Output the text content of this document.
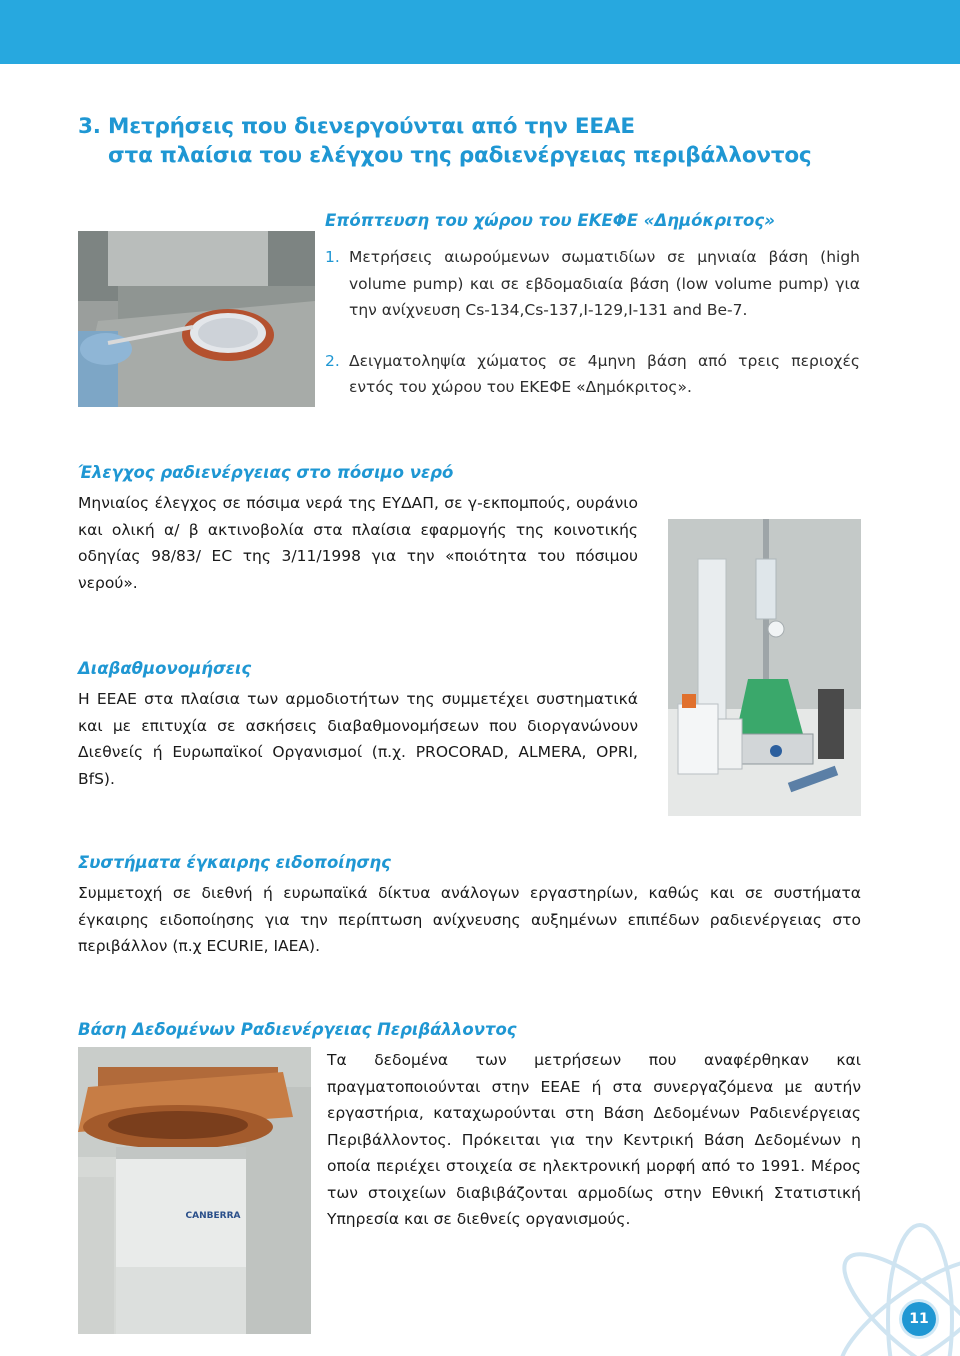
3. Μετρήσεις που διενεργούνται από την ΕΕΑΕ
στα πλαίσια του ελέγχου της ραδιενέργειας περιβάλλοντος
Επόπτευση του χώρου του ΕΚΕΦΕ «Δημόκριτος»
1. Μετρήσεις αιωρούμενων σωματιδίων σε μηνιαία βάση (high volume pump) και σε εβδομαδιαία βάση (low volume pump) για την ανίχνευση Cs-134,Cs-137,I-129,I-131 and Be-7.
2. Δειγματοληψία χώματος σε 4μηνη βάση από τρεις περιοχές εντός του χώρου του ΕΚΕΦΕ «Δημόκριτος».
Έλεγχος ραδιενέργειας στο πόσιμο νερό

Μηνιαίος έλεγχος σε πόσιμα νερά της ΕΥΔΑΠ, σε γ-εκπομπούς, ουράνιο και ολική α/ β ακτινοβολία στα πλαίσια εφαρμογής της κοινοτικής οδηγίας 98/83/ EC της 3/11/1998 για την «ποιότητα του πόσιμου νερού».

Διαβαθμονομήσεις

Η ΕΕΑΕ στα πλαίσια των αρμοδιοτήτων της συμμετέχει συστηματικά και με επιτυχία σε ασκήσεις διαβαθμονομήσεων που διοργανώνουν Διεθνείς ή Ευρωπαϊκοί Οργανισμοί (π.χ. PROCORAD, ALMERA, OPRI, BfS).

Συστήματα έγκαιρης ειδοποίησης

Συμμετοχή σε διεθνή ή ευρωπαϊκά δίκτυα ανάλογων εργαστηρίων, καθώς και σε συστήματα έγκαιρης ειδοποίησης για την περίπτωση ανίχνευσης αυξημένων επιπέδων ραδιενέργειας στο περιβάλλον (π.χ ECURIE, IAEA).

Βάση Δεδομένων Ραδιενέργειας Περιβάλλοντος
CANBERRA

Τα δεδομένα των μετρήσεων που αναφέρθηκαν και πραγματοποιούνται στην ΕΕΑΕ ή στα συνεργαζόμενα με αυτήν εργαστήρια, καταχωρούνται στη Βάση Δεδομένων Ραδιενέργειας Περιβάλλοντος. Πρόκειται για την Κεντρική Βάση Δεδομένων η οποία περιέχει στοιχεία σε ηλεκτρονική μορφή από το 1991. Μέρος των στοιχείων διαβιβάζονται αρμοδίως στην Εθνική Στατιστική Υπηρεσία και σε διεθνείς οργανισμούς.

11
